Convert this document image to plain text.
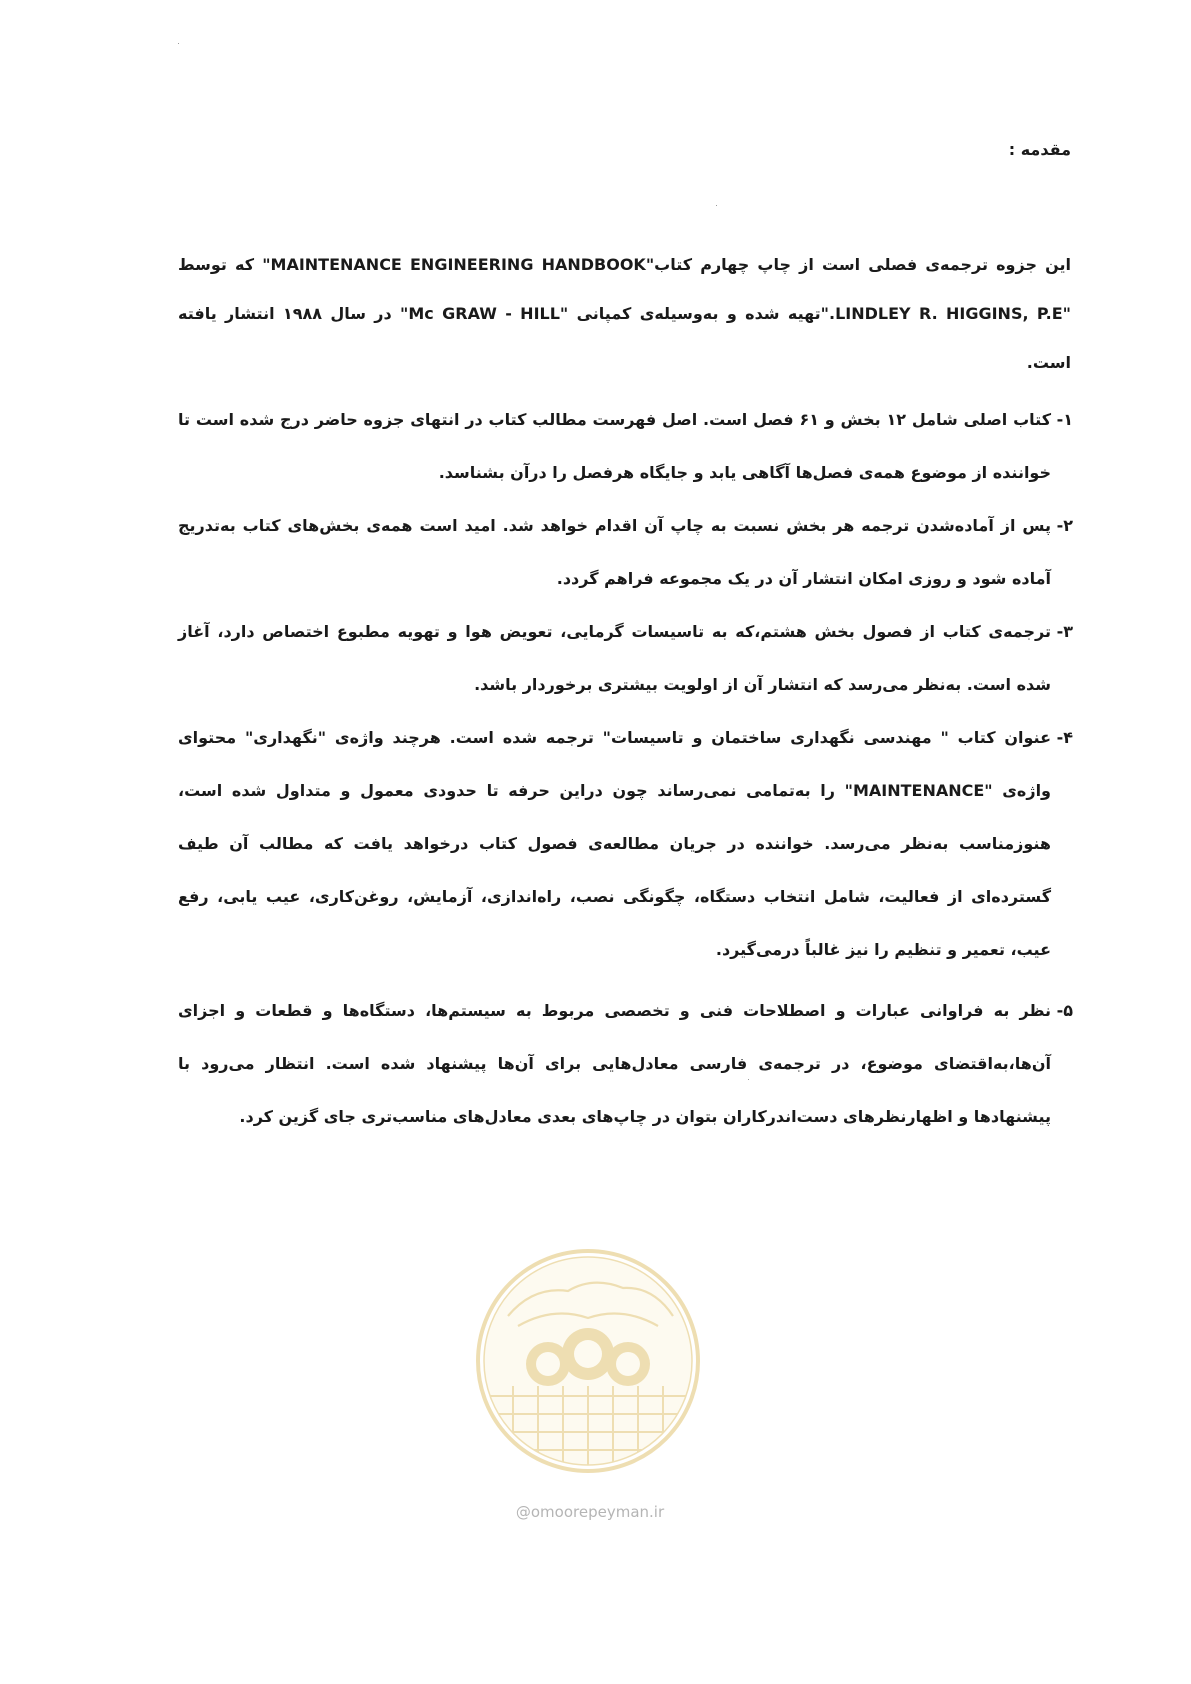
مقدمه :
این جزوه ترجمه‌ی فصلی است از چاپ چهارم کتاب"MAINTENANCE ENGINEERING HANDBOOK" که توسط "LINDLEY R. HIGGINS, P.E."تهیه شده و به‌وسیله‌ی کمپانی "Mc GRAW - HILL" در سال ۱۹۸۸ انتشار یافته است.
۱-
کتاب اصلی شامل ۱۲ بخش و ۶۱ فصل است. اصل فهرست مطالب کتاب در انتهای جزوه حاضر درج شده است تا خواننده از موضوع همه‌ی فصل‌ها آگاهی یابد و جایگاه هرفصل را درآن بشناسد.
۲-
پس از آماده‌شدن ترجمه هر بخش نسبت به چاپ آن اقدام خواهد شد. امید است همه‌ی بخش‌های کتاب به‌تدریج آماده شود و روزی امکان انتشار آن در یک مجموعه فراهم گردد.
۳-
ترجمه‌ی کتاب از فصول بخش هشتم،که به تاسیسات گرمایی، تعویض هوا و تهویه مطبوع اختصاص دارد، آغاز شده است. به‌نظر می‌رسد که انتشار آن از اولویت بیشتری برخوردار باشد.
۴-
عنوان کتاب " مهندسی نگهداری ساختمان و تاسیسات" ترجمه شده است. هرچند واژه‌ی "نگهداری" محتوای واژه‌ی "MAINTENANCE" را به‌تمامی نمی‌رساند چون دراین حرفه تا حدودی معمول و متداول شده است، هنوزمناسب به‌نظر می‌رسد. خواننده در جریان مطالعه‌ی فصول کتاب درخواهد یافت که مطالب آن طیف گسترده‌ای از فعالیت، شامل انتخاب دستگاه، چگونگی نصب، راه‌اندازی، آزمایش، روغن‌کاری، عیب یابی، رفع عیب، تعمیر و تنظیم را نیز غالباً درمی‌گیرد.
۵-
نظر به فراوانی عبارات و اصطلاحات فنی و تخصصی مربوط به سیستم‌ها، دستگاه‌ها و قطعات و اجزای آن‌ها،به‌اقتضای موضوع، در ترجمه‌ی فارسی معادل‌هایی برای آن‌ها پیشنهاد شده است. انتظار می‌رود با پیشنهادها و اظهارنظرهای دست‌اندرکاران بتوان در چاپ‌های بعدی معادل‌های مناسب‌تری جای گزین کرد.
@omoorepeyman.ir
